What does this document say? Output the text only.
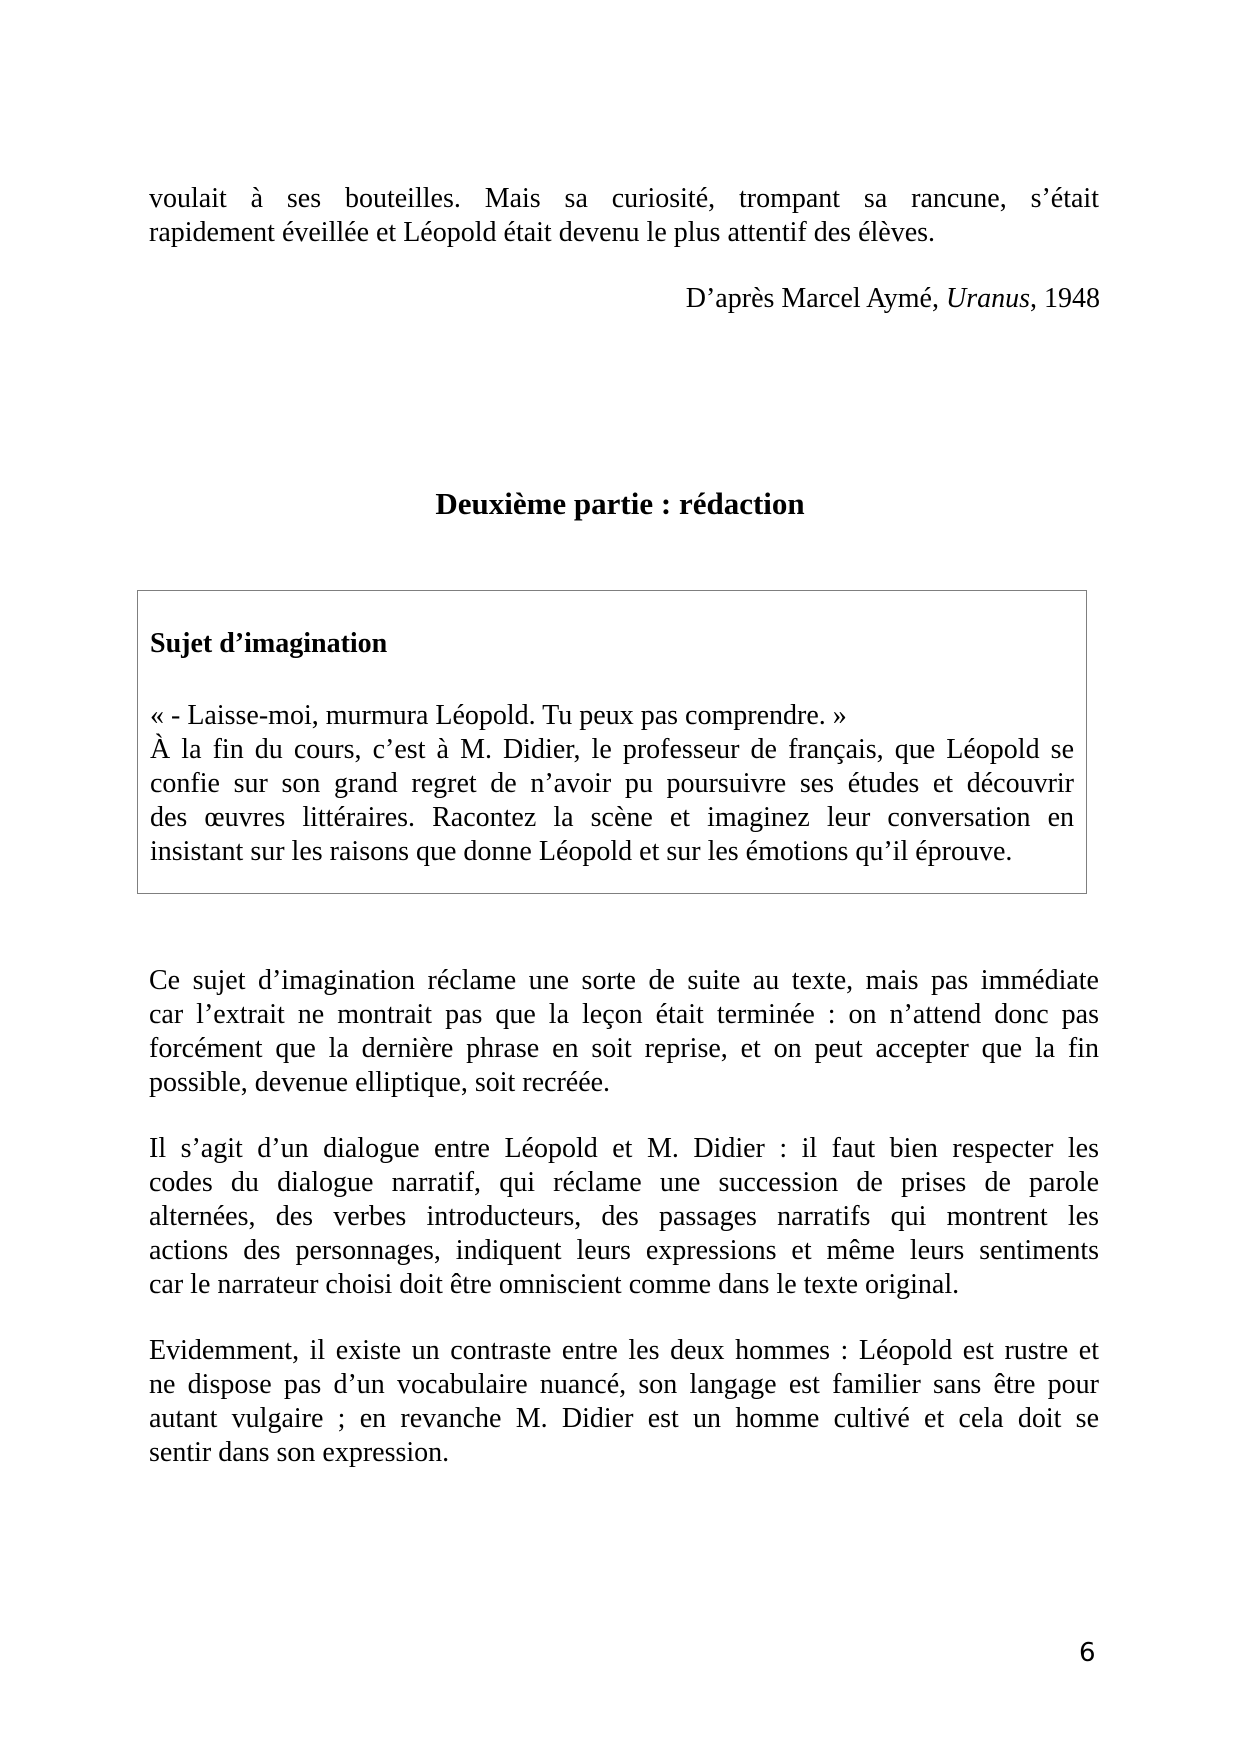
voulait à ses bouteilles. Mais sa curiosité, trompant sa rancune, s’était
rapidement éveillée et Léopold était devenu le plus attentif des élèves.

D’après Marcel Aymé, Uranus, 1948

Deuxième partie : rédaction

Sujet d’imagination

« - Laisse-moi, murmura Léopold. Tu peux pas comprendre. »
À la fin du cours, c’est à M. Didier, le professeur de français, que Léopold se
confie sur son grand regret de n’avoir pu poursuivre ses études et découvrir
des œuvres littéraires. Racontez la scène et imaginez leur conversation en
insistant sur les raisons que donne Léopold et sur les émotions qu’il éprouve.

Ce sujet d’imagination réclame une sorte de suite au texte, mais pas immédiate
car l’extrait ne montrait pas que la leçon était terminée : on n’attend donc pas
forcément que la dernière phrase en soit reprise, et on peut accepter que la fin
possible, devenue elliptique, soit recréée.

Il s’agit d’un dialogue entre Léopold et M. Didier : il faut bien respecter les
codes du dialogue narratif, qui réclame une succession de prises de parole
alternées, des verbes introducteurs, des passages narratifs qui montrent les
actions des personnages, indiquent leurs expressions et même leurs sentiments
car le narrateur choisi doit être omniscient comme dans le texte original.

Evidemment, il existe un contraste entre les deux hommes : Léopold est rustre et
ne dispose pas d’un vocabulaire nuancé, son langage est familier sans être pour
autant vulgaire ; en revanche M. Didier est un homme cultivé et cela doit se
sentir dans son expression.

6
